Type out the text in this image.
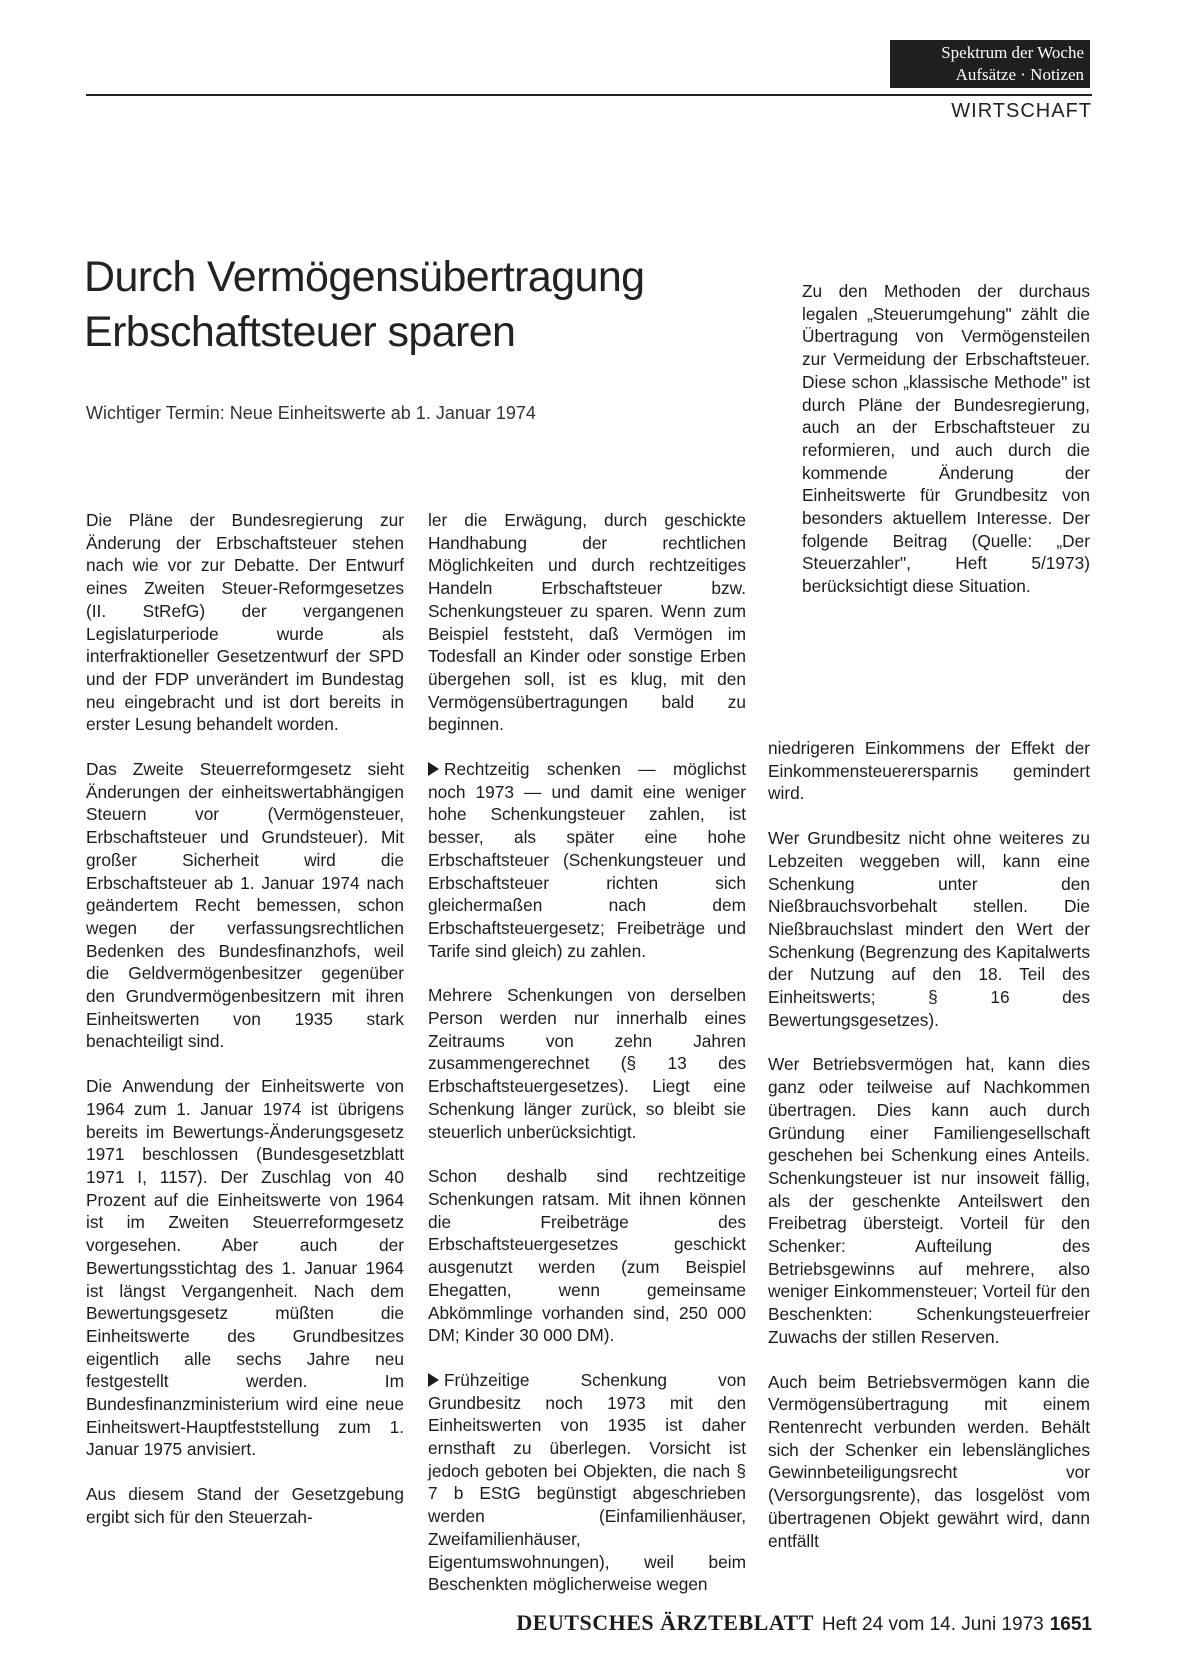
Spektrum der Woche
Aufsätze · Notizen
WIRTSCHAFT
Durch Vermögensübertragung
Erbschaftsteuer sparen
Wichtiger Termin: Neue Einheitswerte ab 1. Januar 1974

Zu den Methoden der durchaus legalen „Steuerumgehung" zählt die Übertragung von Vermögensteilen zur Vermeidung der Erbschaftsteuer. Diese schon „klassische Methode" ist durch Pläne der Bundesregierung, auch an der Erbschaftsteuer zu reformieren, und auch durch die kommende Änderung der Einheitswerte für Grundbesitz von besonders aktuellem Interesse. Der folgende Beitrag (Quelle: „Der Steuerzahler", Heft 5/1973) berücksichtigt diese Situation.

Die Pläne der Bundesregierung zur Änderung der Erbschaftsteuer stehen nach wie vor zur Debatte. Der Entwurf eines Zweiten Steuer-Reformgesetzes (II. StRefG) der vergangenen Legislaturperiode wurde als interfraktioneller Gesetzentwurf der SPD und der FDP unverändert im Bundestag neu eingebracht und ist dort bereits in erster Lesung behandelt worden.

Das Zweite Steuerreformgesetz sieht Änderungen der einheitswertabhängigen Steuern vor (Vermögensteuer, Erbschaftsteuer und Grundsteuer). Mit großer Sicherheit wird die Erbschaftsteuer ab 1. Januar 1974 nach geändertem Recht bemessen, schon wegen der verfassungsrechtlichen Bedenken des Bundesfinanzhofs, weil die Geldvermögenbesitzer gegenüber den Grundvermögenbesitzern mit ihren Einheitswerten von 1935 stark benachteiligt sind.

Die Anwendung der Einheitswerte von 1964 zum 1. Januar 1974 ist übrigens bereits im Bewertungs-Änderungsgesetz 1971 beschlossen (Bundesgesetzblatt 1971 I, 1157). Der Zuschlag von 40 Prozent auf die Einheitswerte von 1964 ist im Zweiten Steuerreformgesetz vorgesehen. Aber auch der Bewertungsstichtag des 1. Januar 1964 ist längst Vergangenheit. Nach dem Bewertungsgesetz müßten die Einheitswerte des Grundbesitzes eigentlich alle sechs Jahre neu festgestellt werden. Im Bundesfinanzministerium wird eine neue Einheitswert-Hauptfeststellung zum 1. Januar 1975 anvisiert.

Aus diesem Stand der Gesetzgebung ergibt sich für den Steuerzah-

ler die Erwägung, durch geschickte Handhabung der rechtlichen Möglichkeiten und durch rechtzeitiges Handeln Erbschaftsteuer bzw. Schenkungsteuer zu sparen. Wenn zum Beispiel feststeht, daß Vermögen im Todesfall an Kinder oder sonstige Erben übergehen soll, ist es klug, mit den Vermögensübertragungen bald zu beginnen.

Rechtzeitig schenken — möglichst noch 1973 — und damit eine weniger hohe Schenkungsteuer zahlen, ist besser, als später eine hohe Erbschaftsteuer (Schenkungsteuer und Erbschaftsteuer richten sich gleichermaßen nach dem Erbschaftsteuergesetz; Freibeträge und Tarife sind gleich) zu zahlen.

Mehrere Schenkungen von derselben Person werden nur innerhalb eines Zeitraums von zehn Jahren zusammengerechnet (§ 13 des Erbschaftsteuergesetzes). Liegt eine Schenkung länger zurück, so bleibt sie steuerlich unberücksichtigt.

Schon deshalb sind rechtzeitige Schenkungen ratsam. Mit ihnen können die Freibeträge des Erbschaftsteuergesetzes geschickt ausgenutzt werden (zum Beispiel Ehegatten, wenn gemeinsame Abkömmlinge vorhanden sind, 250 000 DM; Kinder 30 000 DM).

Frühzeitige Schenkung von Grundbesitz noch 1973 mit den Einheitswerten von 1935 ist daher ernsthaft zu überlegen. Vorsicht ist jedoch geboten bei Objekten, die nach § 7 b EStG begünstigt abgeschrieben werden (Einfamilienhäuser, Zweifamilienhäuser, Eigentumswohnungen), weil beim Beschenkten möglicherweise wegen

niedrigeren Einkommens der Effekt der Einkommensteuerersparnis gemindert wird.

Wer Grundbesitz nicht ohne weiteres zu Lebzeiten weggeben will, kann eine Schenkung unter den Nießbrauchsvorbehalt stellen. Die Nießbrauchslast mindert den Wert der Schenkung (Begrenzung des Kapitalwerts der Nutzung auf den 18. Teil des Einheitswerts; § 16 des Bewertungsgesetzes).

Wer Betriebsvermögen hat, kann dies ganz oder teilweise auf Nachkommen übertragen. Dies kann auch durch Gründung einer Familiengesellschaft geschehen bei Schenkung eines Anteils. Schenkungsteuer ist nur insoweit fällig, als der geschenkte Anteilswert den Freibetrag übersteigt. Vorteil für den Schenker: Aufteilung des Betriebsgewinns auf mehrere, also weniger Einkommensteuer; Vorteil für den Beschenkten: Schenkungsteuerfreier Zuwachs der stillen Reserven.

Auch beim Betriebsvermögen kann die Vermögensübertragung mit einem Rentenrecht verbunden werden. Behält sich der Schenker ein lebenslängliches Gewinnbeteiligungsrecht vor (Versorgungsrente), das losgelöst vom übertragenen Objekt gewährt wird, dann entfällt

DEUTSCHES ÄRZTEBLATT Heft 24 vom 14. Juni 1973 1651
